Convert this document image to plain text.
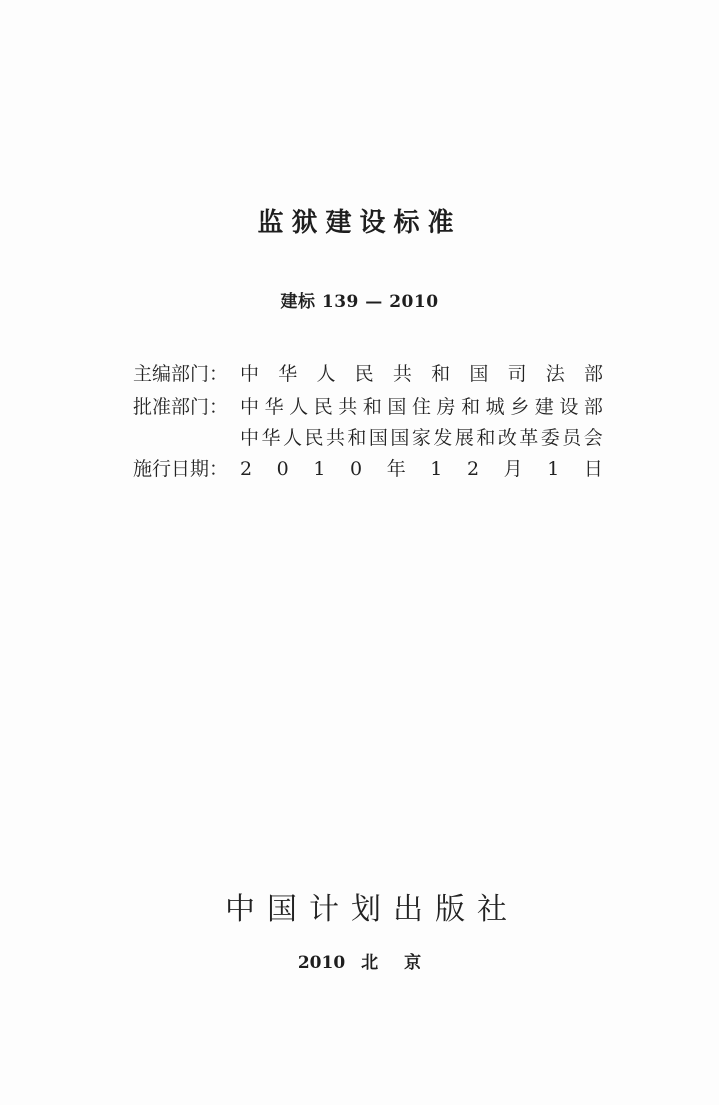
监狱建设标准
建标 139 — 2010
主编部门： 中 华 人 民 共 和 国 司 法 部
批准部门： 中 华 人 民 共 和 国 住 房 和 城 乡 建 设 部
中 华 人 民 共 和 国 国 家 发 展 和 改 革 委 员 会
施行日期： 2 0 1 0 年 1 2 月 1 日
中 国 计 划 出 版 社
2010 北 京
